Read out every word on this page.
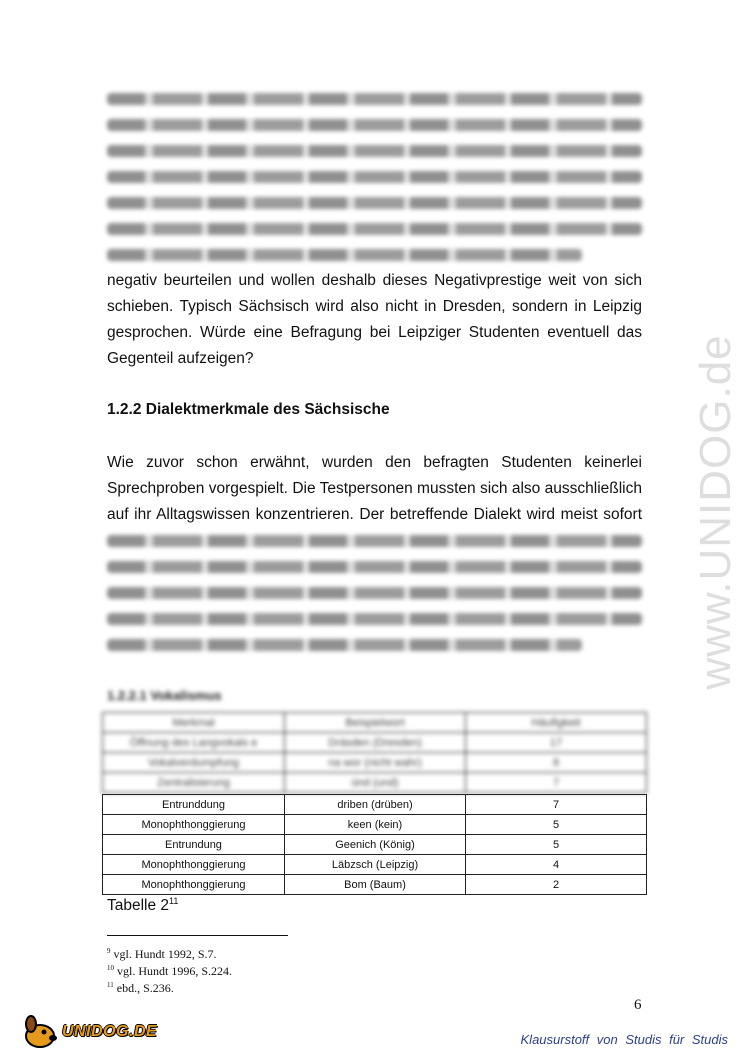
www.UNIDOG.de
negativ beurteilen und wollen deshalb dieses Negativprestige weit von sich
schieben. Typisch Sächsisch wird also nicht in Dresden, sondern in Leipzig
gesprochen. Würde eine Befragung bei Leipziger Studenten eventuell das
Gegenteil aufzeigen?
1.2.2 Dialektmerkmale des Sächsische
Wie zuvor schon erwähnt, wurden den befragten Studenten keinerlei
Sprechproben vorgespielt. Die Testpersonen mussten sich also ausschließlich
auf ihr Alltagswissen konzentrieren. Der betreffende Dialekt wird meist sofort
1.2.2.1 Vokalismus
Merkmal	Beispielwort	Häufigkeit
Öffnung des Langvokals e	Dräsden (Dresden)	17
Vokalverdumpfung	na wor (nicht wahr)	8
Zentralisierung	ünd (und)	7
Entrunddung	driben (drüben)	7
Monophthonggierung	keen (kein)	5
Entrundung	Geenich (König)	5
Monophthonggierung	Läbzsch (Leipzig)	4
Monophthonggierung	Bom (Baum)	2
Tabelle $2^{11}$
$^9$ vgl. Hundt 1992, S.7.
$^{10}$ vgl. Hundt 1996, S.224.
$^{11}$ ebd., S.236.
6
UNIDOG.DE	Klausurstoff von Studis für Studis
